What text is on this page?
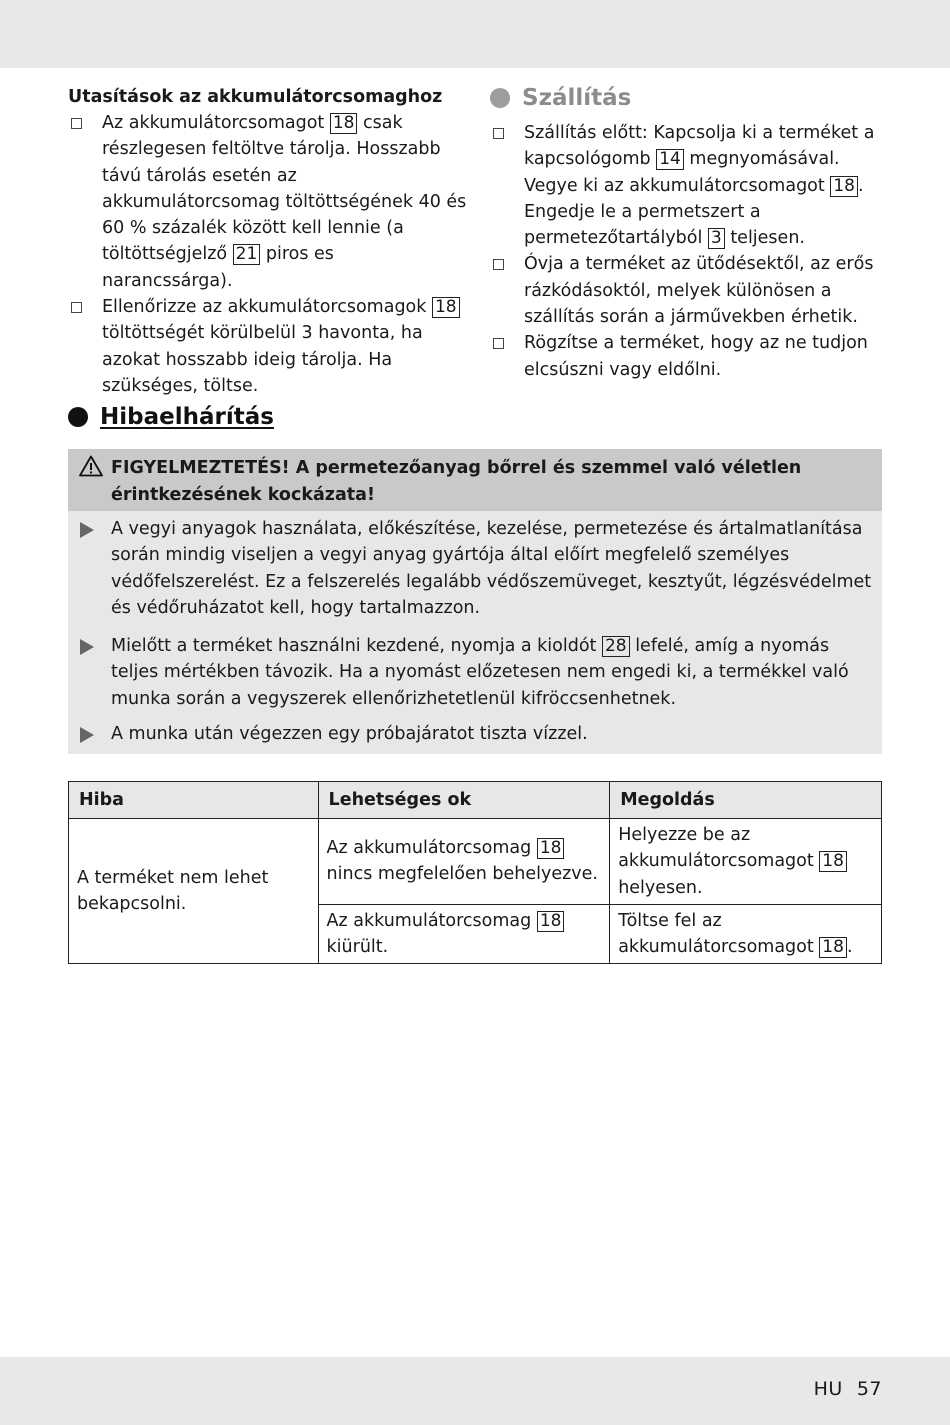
Utasítások az akkumulátorcsomaghoz
Az akkumulátorcsomagot 18 csak részlegesen feltöltve tárolja. Hosszabb távú tárolás esetén az akkumulátorcsomag töltöttségének 40 és 60 % százalék között kell lennie (a töltöttségjelző 21 piros es narancssárga).
Ellenőrizze az akkumulátorcsomagok 18 töltöttségét körülbelül 3 havonta, ha azokat hosszabb ideig tárolja. Ha szükséges, töltse.
Szállítás
Szállítás előtt: Kapcsolja ki a terméket a kapcsológomb 14 megnyomásával. Vegye ki az akkumulátorcsomagot 18 . Engedje le a permetszert a permetezőtartályból 3 teljesen.
Óvja a terméket az ütődésektől, az erős rázkódásoktól, melyek különösen a szállítás során a járművekben érhetik.
Rögzítse a terméket, hogy az ne tudjon elcsúszni vagy eldőlni.
Hibaelhárítás
FIGYELMEZTETÉS! A permetezőanyag bőrrel és szemmel való véletlen érintkezésének kockázata!
A vegyi anyagok használata, előkészítése, kezelése, permetezése és ártalmatlanítása során mindig viseljen a vegyi anyag gyártója által előírt megfelelő személyes védőfelszerelést. Ez a felszerelés legalább védőszemüveget, kesztyűt, légzésvédelmet és védőruházatot kell, hogy tartalmazzon.
Mielőtt a terméket használni kezdené, nyomja a kioldót 28 lefelé, amíg a nyomás teljes mértékben távozik. Ha a nyomást előzetesen nem engedi ki, a termékkel való munka során a vegyszerek ellenőrizhetetlenül kifröccsenhetnek.
A munka után végezzen egy próbajáratot tiszta vízzel.
Hiba	Lehetséges ok	Megoldás
A terméket nem lehet bekapcsolni.	Az akkumulátorcsomag 18 nincs megfelelően behelyezve.	Helyezze be az akkumulátorcsomagot 18 helyesen.
	Az akkumulátorcsomag 18 kiürült.	Töltse fel az akkumulátorcsomagot 18 .
HU 57
